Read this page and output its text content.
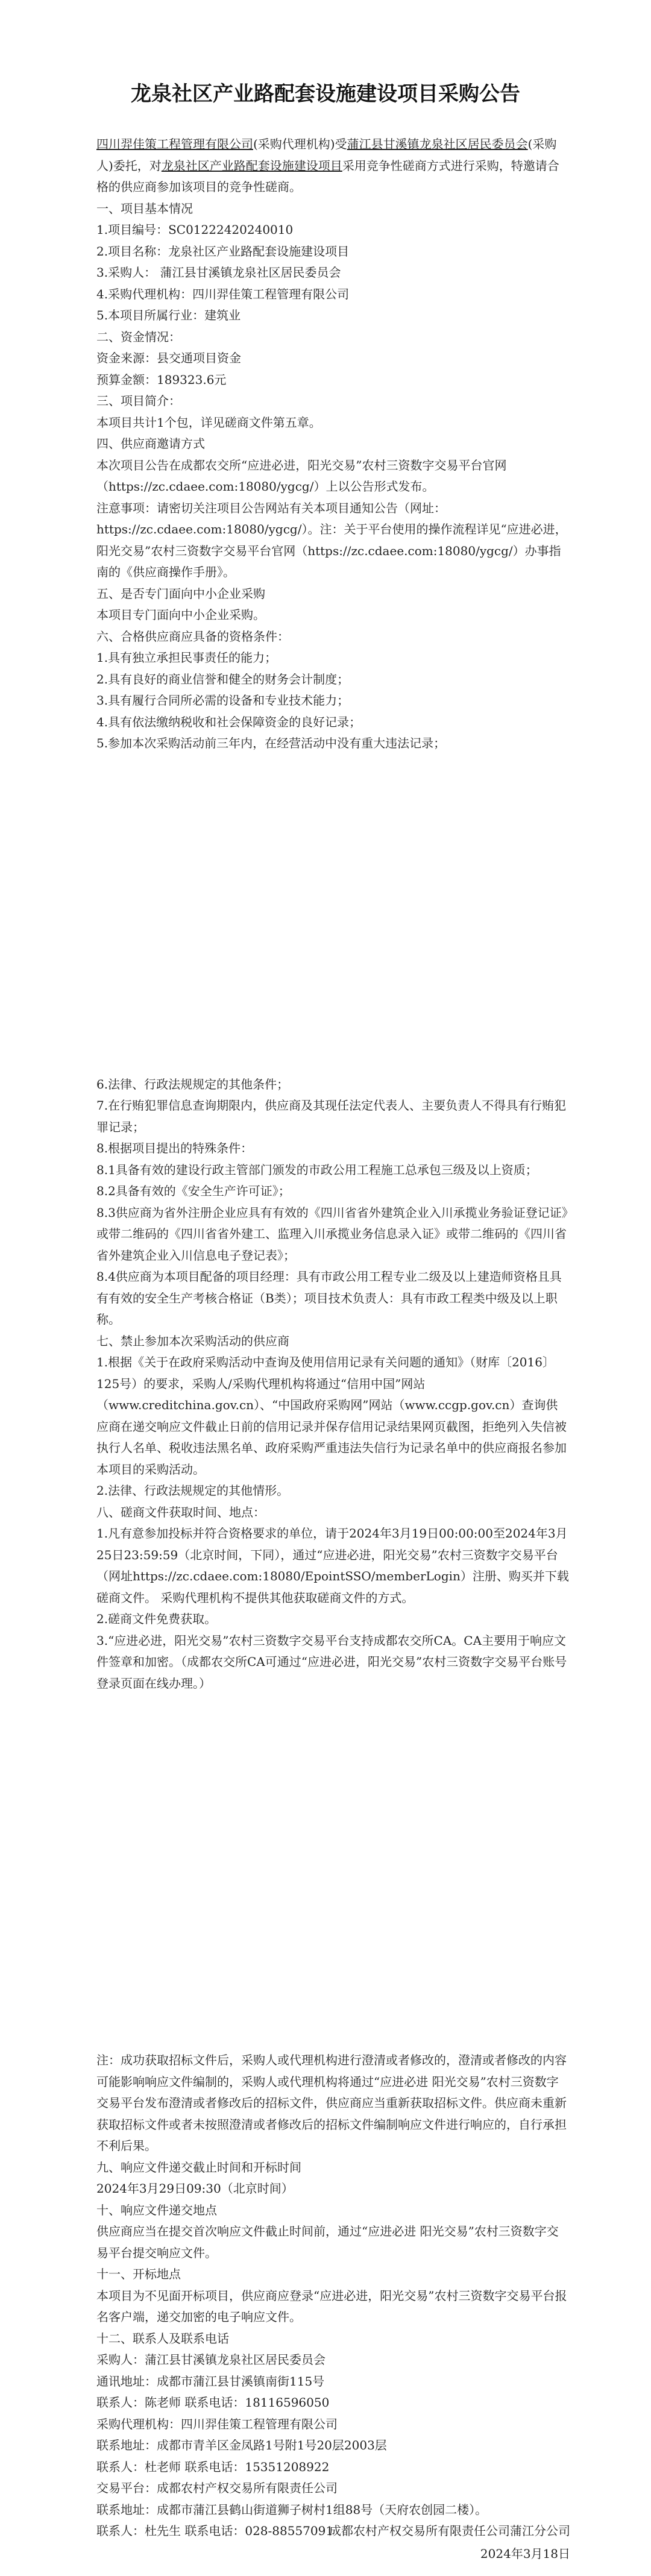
龙泉社区产业路配套设施建设项目采购公告

四川羿佳策工程管理有限公司(采购代理机构)受蒲江县甘溪镇龙泉社区居民委员会(采购人)委托，对龙泉社区产业路配套设施建设项目采用竞争性磋商方式进行采购，特邀请合格的供应商参加该项目的竞争性磋商。

一、项目基本情况

1.项目编号：SC01222420240010

2.项目名称：龙泉社区产业路配套设施建设项目

3.采购人： 蒲江县甘溪镇龙泉社区居民委员会

4.采购代理机构：四川羿佳策工程管理有限公司

5.本项目所属行业：建筑业

二、资金情况：

资金来源：县交通项目资金

预算金额：189323.6元

三、项目简介：

本项目共计1个包，详见磋商文件第五章。

四、供应商邀请方式

本次项目公告在成都农交所“应进必进，阳光交易”农村三资数字交易平台官网（https://zc.cdaee.com:18080/ygcg/）上以公告形式发布。

注意事项：请密切关注项目公告网站有关本项目通知公告（网址：https://zc.cdaee.com:18080/ygcg/）。注：关于平台使用的操作流程详见“应进必进，阳光交易”农村三资数字交易平台官网（https://zc.cdaee.com:18080/ygcg/）办事指南的《供应商操作手册》。

五、是否专门面向中小企业采购

本项目专门面向中小企业采购。

六、合格供应商应具备的资格条件：

1.具有独立承担民事责任的能力；

2.具有良好的商业信誉和健全的财务会计制度；

3.具有履行合同所必需的设备和专业技术能力；

4.具有依法缴纳税收和社会保障资金的良好记录；

5.参加本次采购活动前三年内，在经营活动中没有重大违法记录；

6.法律、行政法规规定的其他条件；

7.在行贿犯罪信息查询期限内，供应商及其现任法定代表人、主要负责人不得具有行贿犯罪记录；

8.根据项目提出的特殊条件：

8.1具备有效的建设行政主管部门颁发的市政公用工程施工总承包三级及以上资质；

8.2具备有效的《安全生产许可证》；

8.3供应商为省外注册企业应具有有效的《四川省省外建筑企业入川承揽业务验证登记证》或带二维码的《四川省省外建工、监理入川承揽业务信息录入证》或带二维码的《四川省省外建筑企业入川信息电子登记表》；

8.4供应商为本项目配备的项目经理：具有市政公用工程专业二级及以上建造师资格且具有有效的安全生产考核合格证（B类）；项目技术负责人：具有市政工程类中级及以上职称。

七、禁止参加本次采购活动的供应商

1.根据《关于在政府采购活动中查询及使用信用记录有关问题的通知》（财库〔2016〕125号）的要求，采购人/采购代理机构将通过“信用中国”网站（www.creditchina.gov.cn）、“中国政府采购网”网站（www.ccgp.gov.cn）查询供应商在递交响应文件截止日前的信用记录并保存信用记录结果网页截图，拒绝列入失信被执行人名单、税收违法黑名单、政府采购严重违法失信行为记录名单中的供应商报名参加本项目的采购活动。

2.法律、行政法规规定的其他情形。

八、磋商文件获取时间、地点：

1.凡有意参加投标并符合资格要求的单位，请于2024年3月19日00:00:00至2024年3月25日23:59:59（北京时间，下同），通过“应进必进，阳光交易”农村三资数字交易平台（网址https://zc.cdaee.com:18080/EpointSSO/memberLogin）注册、购买并下载磋商文件。 采购代理机构不提供其他获取磋商文件的方式。

2.磋商文件免费获取。

3.“应进必进，阳光交易”农村三资数字交易平台支持成都农交所CA。CA主要用于响应文件签章和加密。（成都农交所CA可通过“应进必进，阳光交易”农村三资数字交易平台账号登录页面在线办理。）

注：成功获取招标文件后，采购人或代理机构进行澄清或者修改的，澄清或者修改的内容可能影响响应文件编制的，采购人或代理机构将通过“应进必进 阳光交易”农村三资数字交易平台发布澄清或者修改后的招标文件，供应商应当重新获取招标文件。供应商未重新获取招标文件或者未按照澄清或者修改后的招标文件编制响应文件进行响应的，自行承担不利后果。

九、响应文件递交截止时间和开标时间

2024年3月29日09:30（北京时间）

十、响应文件递交地点

供应商应当在提交首次响应文件截止时间前，通过“应进必进 阳光交易”农村三资数字交易平台提交响应文件。

十一、开标地点

本项目为不见面开标项目，供应商应登录“应进必进，阳光交易”农村三资数字交易平台报名客户端，递交加密的电子响应文件。

十二、联系人及联系电话

采购人：蒲江县甘溪镇龙泉社区居民委员会

通讯地址：成都市蒲江县甘溪镇南街115号

联系人：陈老师 联系电话：18116596050

采购代理机构：四川羿佳策工程管理有限公司

联系地址：成都市青羊区金凤路1号附1号20层2003层

联系人：杜老师 联系电话：15351208922

交易平台：成都农村产权交易所有限责任公司

联系地址：成都市蒲江县鹤山街道狮子树村1组88号（天府农创园二楼）。

联系人：杜先生 联系电话：028-88557091

成都农村产权交易所有限责任公司蒲江分公司
2024年3月18日
